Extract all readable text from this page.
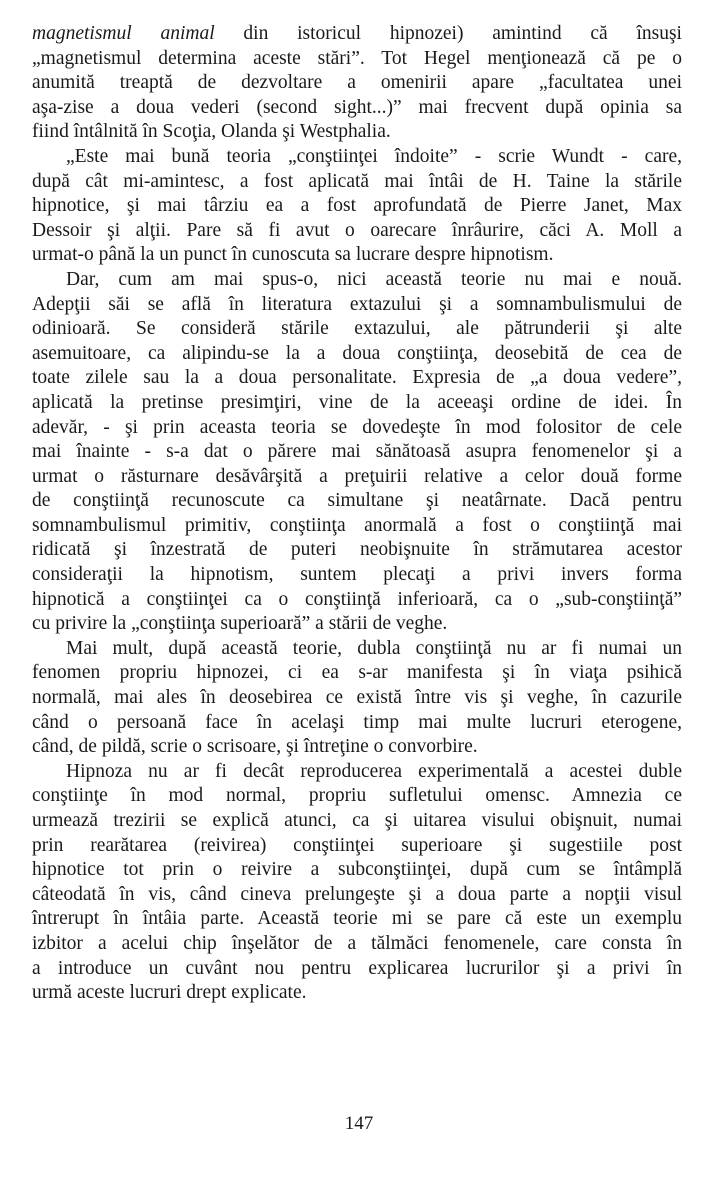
magnetismul animal din istoricul hipnozei) amintind că însuşi
„magnetismul determina aceste stări”. Tot Hegel menţionează că pe o
anumită treaptă de dezvoltare a omenirii apare „facultatea unei
aşa-zise a doua vederi (second sight...)” mai frecvent după opinia sa
fiind întâlnită în Scoţia, Olanda şi Westphalia.

„Este mai bună teoria „conştiinţei îndoite” - scrie Wundt - care,
după cât mi-amintesc, a fost aplicată mai întâi de H. Taine la stările
hipnotice, şi mai târziu ea a fost aprofundată de Pierre Janet, Max
Dessoir şi alţii. Pare să fi avut o oarecare înrâurire, căci A. Moll a
urmat-o până la un punct în cunoscuta sa lucrare despre hipnotism.

Dar, cum am mai spus-o, nici această teorie nu mai e nouă.
Adepţii săi se află în literatura extazului şi a somnambulismului de
odinioară. Se consideră stările extazului, ale pătrunderii şi alte
asemuitoare, ca alipindu-se la a doua conştiinţa, deosebită de cea de
toate zilele sau la a doua personalitate. Expresia de „a doua vedere”,
aplicată la pretinse presimţiri, vine de la aceeaşi ordine de idei. În
adevăr, - şi prin aceasta teoria se dovedeşte în mod folositor de cele
mai înainte - s-a dat o părere mai sănătoasă asupra fenomenelor şi a
urmat o răsturnare desăvârşită a preţuirii relative a celor două forme
de conştiinţă recunoscute ca simultane şi neatârnate. Dacă pentru
somnambulismul primitiv, conştiinţa anormală a fost o conştiinţă mai
ridicată şi înzestrată de puteri neobişnuite în strămutarea acestor
consideraţii la hipnotism, suntem plecaţi a privi invers forma
hipnotică a conştiinţei ca o conştiinţă inferioară, ca o „sub-conştiinţă”
cu privire la „conştiinţa superioară” a stării de veghe.

Mai mult, după această teorie, dubla conştiinţă nu ar fi numai un
fenomen propriu hipnozei, ci ea s-ar manifesta şi în viaţa psihică
normală, mai ales în deosebirea ce există între vis şi veghe, în cazurile
când o persoană face în acelaşi timp mai multe lucruri eterogene,
când, de pildă, scrie o scrisoare, şi întreţine o convorbire.

Hipnoza nu ar fi decât reproducerea experimentală a acestei duble
conştiinţe în mod normal, propriu sufletului omensc. Amnezia ce
urmează trezirii se explică atunci, ca şi uitarea visului obişnuit, numai
prin rearătarea (reivirea) conştiinţei superioare şi sugestiile post
hipnotice tot prin o reivire a subconştiinţei, după cum se întâmplă
câteodată în vis, când cineva prelungeşte şi a doua parte a nopţii visul
întrerupt în întâia parte. Această teorie mi se pare că este un exemplu
izbitor a acelui chip înşelător de a tălmăci fenomenele, care consta în
a introduce un cuvânt nou pentru explicarea lucrurilor şi a privi în
urmă aceste lucruri drept explicate.

147
